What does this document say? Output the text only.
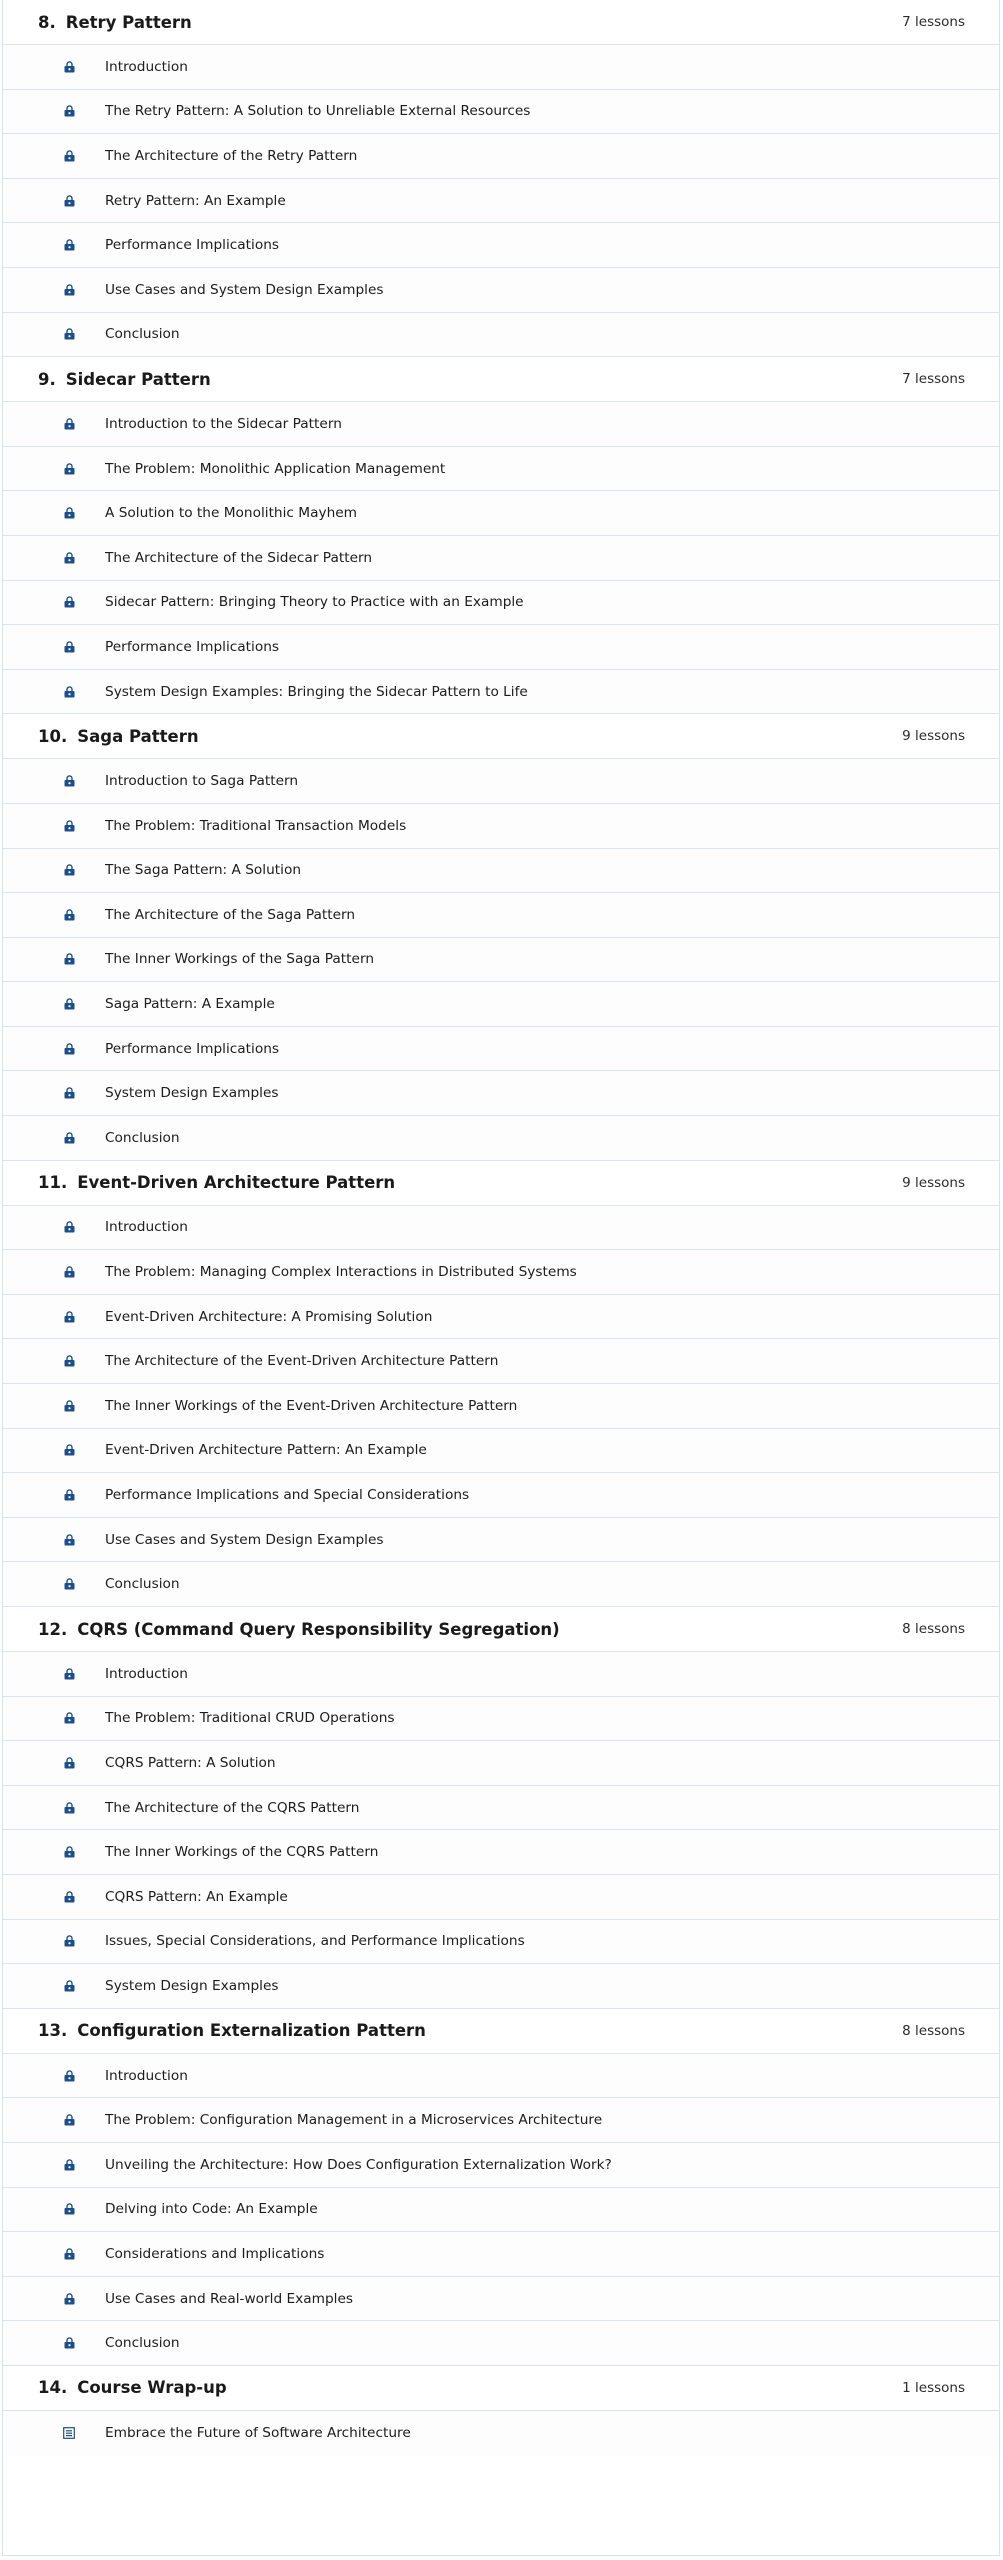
8. Retry Pattern	7 lessons
Introduction
The Retry Pattern: A Solution to Unreliable External Resources
The Architecture of the Retry Pattern
Retry Pattern: An Example
Performance Implications
Use Cases and System Design Examples
Conclusion
9. Sidecar Pattern	7 lessons
Introduction to the Sidecar Pattern
The Problem: Monolithic Application Management
A Solution to the Monolithic Mayhem
The Architecture of the Sidecar Pattern
Sidecar Pattern: Bringing Theory to Practice with an Example
Performance Implications
System Design Examples: Bringing the Sidecar Pattern to Life
10. Saga Pattern	9 lessons
Introduction to Saga Pattern
The Problem: Traditional Transaction Models
The Saga Pattern: A Solution
The Architecture of the Saga Pattern
The Inner Workings of the Saga Pattern
Saga Pattern: A Example
Performance Implications
System Design Examples
Conclusion
11. Event-Driven Architecture Pattern	9 lessons
Introduction
The Problem: Managing Complex Interactions in Distributed Systems
Event-Driven Architecture: A Promising Solution
The Architecture of the Event-Driven Architecture Pattern
The Inner Workings of the Event-Driven Architecture Pattern
Event-Driven Architecture Pattern: An Example
Performance Implications and Special Considerations
Use Cases and System Design Examples
Conclusion
12. CQRS (Command Query Responsibility Segregation)	8 lessons
Introduction
The Problem: Traditional CRUD Operations
CQRS Pattern: A Solution
The Architecture of the CQRS Pattern
The Inner Workings of the CQRS Pattern
CQRS Pattern: An Example
Issues, Special Considerations, and Performance Implications
System Design Examples
13. Configuration Externalization Pattern	8 lessons
Introduction
The Problem: Configuration Management in a Microservices Architecture
Unveiling the Architecture: How Does Configuration Externalization Work?
Delving into Code: An Example
Considerations and Implications
Use Cases and Real-world Examples
Conclusion
14. Course Wrap-up	1 lessons
Embrace the Future of Software Architecture
